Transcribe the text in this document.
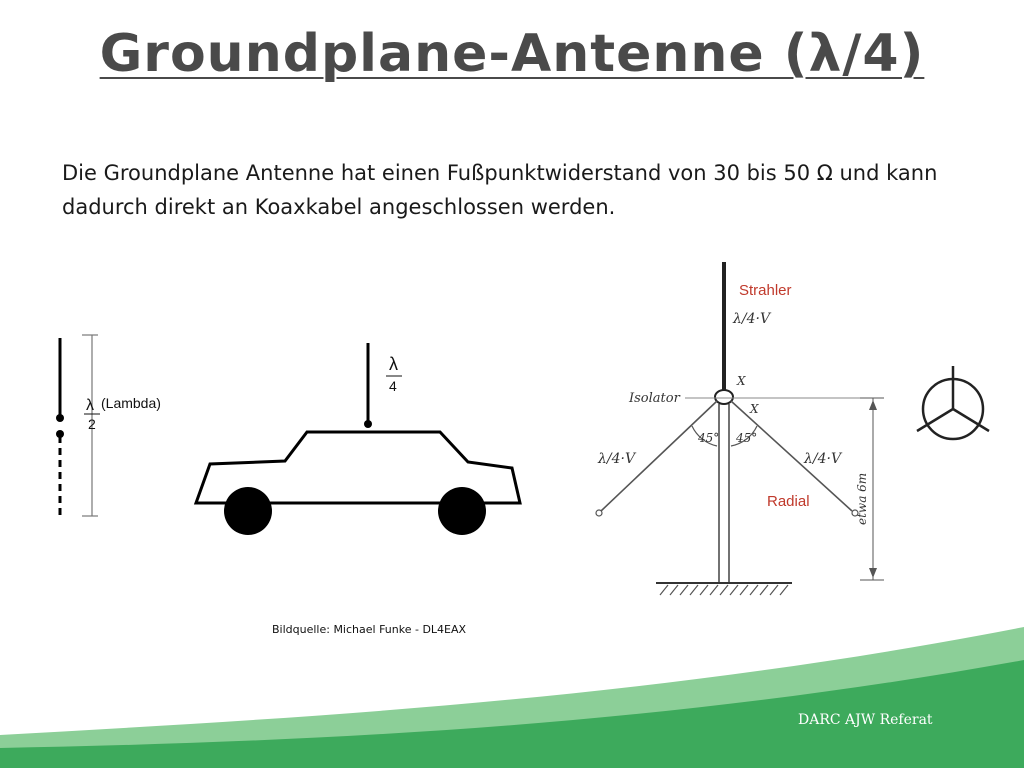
Groundplane-Antenne (λ/4)
Die Groundplane Antenne hat einen Fußpunktwiderstand von 30 bis 50 Ω und kann dadurch direkt an Koaxkabel angeschlossen werden.
λ (Lambda)
2
λ
4
Strahler
λ/4·V
Isolator
X
X
45° 45°
λ/4·V	λ/4·V
Radial	etwa 6m
Bildquelle: Michael Funke - DL4EAX
DARC AJW Referat
